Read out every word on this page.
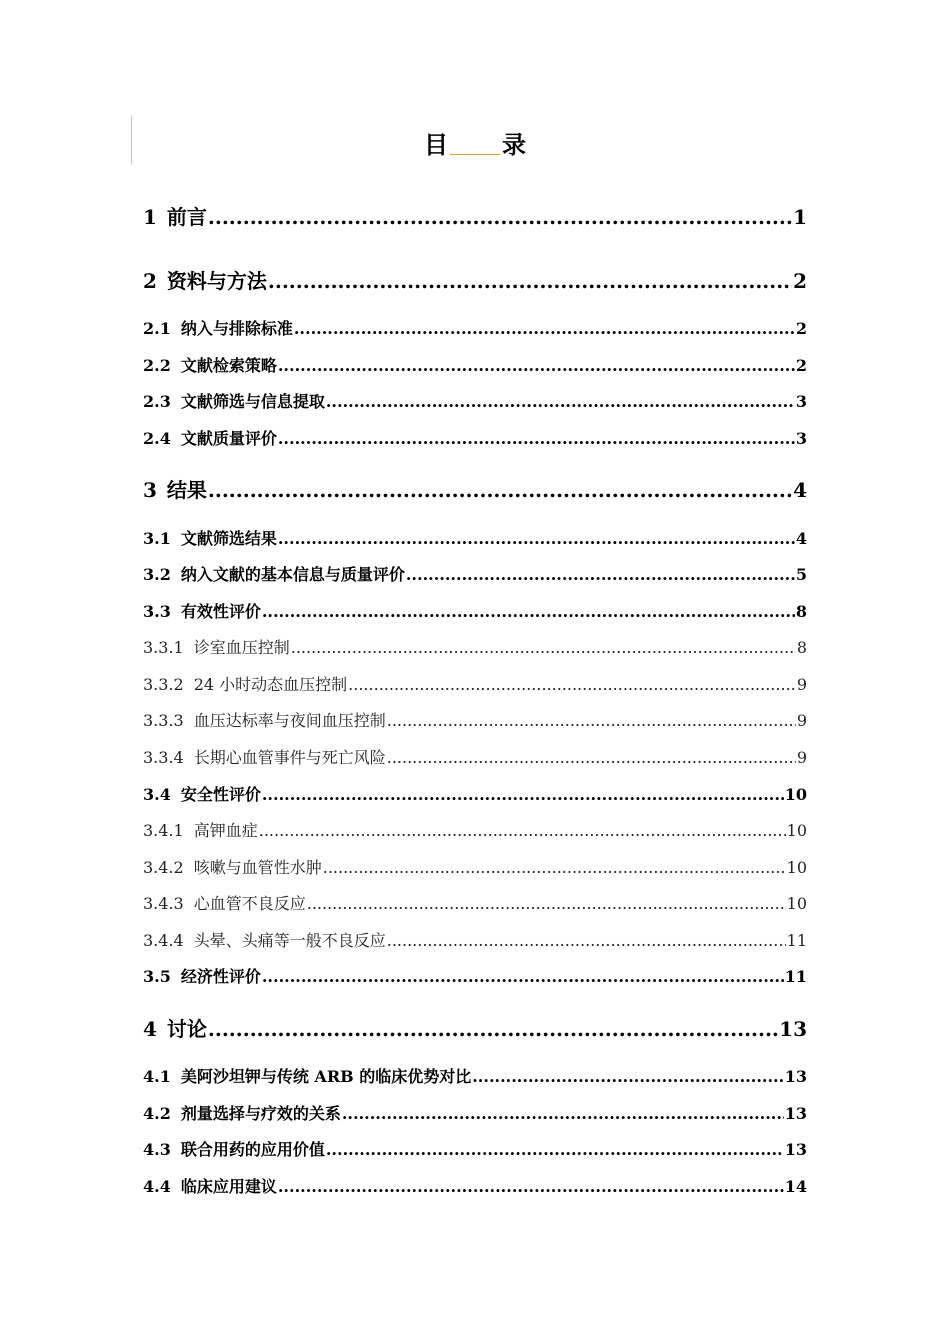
目 录
1 前言 .....	1
2 资料与方法 .....	2
2.1 纳入与排除标准 .....	2
2.2 文献检索策略 .....	2
2.3 文献筛选与信息提取 .....	3
2.4 文献质量评价 .....	3
3 结果 .....	4
3.1 文献筛选结果 .....	4
3.2 纳入文献的基本信息与质量评价 .....	5
3.3 有效性评价 .....	8
3.3.1 诊室血压控制 .....	8
3.3.2 24 小时动态血压控制 .....	9
3.3.3 血压达标率与夜间血压控制 .....	9
3.3.4 长期心血管事件与死亡风险 .....	9
3.4 安全性评价 .....	10
3.4.1 高钾血症 .....	10
3.4.2 咳嗽与血管性水肿 .....	10
3.4.3 心血管不良反应 .....	10
3.4.4 头晕、头痛等一般不良反应 .....	11
3.5 经济性评价 .....	11
4 讨论 .....	13
4.1 美阿沙坦钾与传统 ARB 的临床优势对比 .....	13
4.2 剂量选择与疗效的关系 .....	13
4.3 联合用药的应用价值 .....	13
4.4 临床应用建议 .....	14
